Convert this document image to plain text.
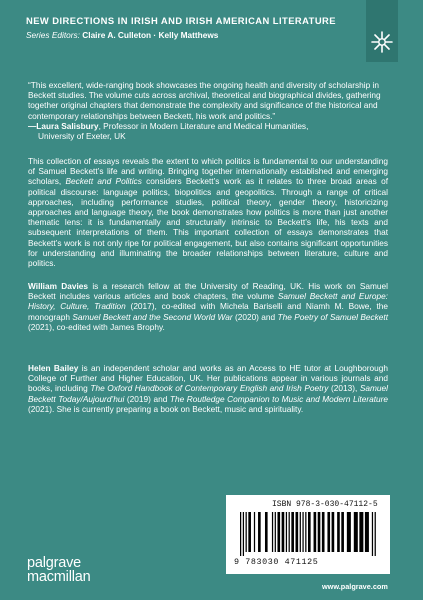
NEW DIRECTIONS IN IRISH AND IRISH AMERICAN LITERATURE
Series Editors: Claire A. Culleton · Kelly Matthews
“This excellent, wide-ranging book showcases the ongoing health and diversity of scholarship in Beckett studies. The volume cuts across archival, theoretical and biographical divides, gathering together original chapters that demonstrate the complexity and significance of the historical and contemporary relationships between Beckett, his work and politics.”
—Laura Salisbury, Professor in Modern Literature and Medical Humanities,
University of Exeter, UK
This collection of essays reveals the extent to which politics is fundamental to our understanding of Samuel Beckett’s life and writing. Bringing together internationally established and emerging scholars, Beckett and Politics considers Beckett’s work as it relates to three broad areas of political discourse: language politics, biopolitics and geopolitics. Through a range of critical approaches, including performance studies, political theory, gender theory, historicizing approaches and language theory, the book demonstrates how politics is more than just another thematic lens: it is fundamentally and structurally intrinsic to Beckett’s life, his texts and subsequent interpretations of them. This important collection of essays demonstrates that Beckett’s work is not only ripe for political engagement, but also contains significant opportunities for understanding and illuminating the broader relationships between literature, culture and politics.
William Davies is a research fellow at the University of Reading, UK. His work on Samuel Beckett includes various articles and book chapters, the volume Samuel Beckett and Europe: History, Culture, Tradition (2017), co-edited with Michela Bariselli and Niamh M. Bowe, the monograph Samuel Beckett and the Second World War (2020) and The Poetry of Samuel Beckett (2021), co-edited with James Brophy.
Helen Bailey is an independent scholar and works as an Access to HE tutor at Loughborough College of Further and Higher Education, UK. Her publications appear in various journals and books, including The Oxford Handbook of Contemporary English and Irish Poetry (2013), Samuel Beckett Today/Aujourd’hui (2019) and The Routledge Companion to Music and Modern Literature (2021). She is currently preparing a book on Beckett, music and spirituality.
ISBN 978-3-030-47112-5
9 783030 471125
palgrave
macmillan
www.palgrave.com
